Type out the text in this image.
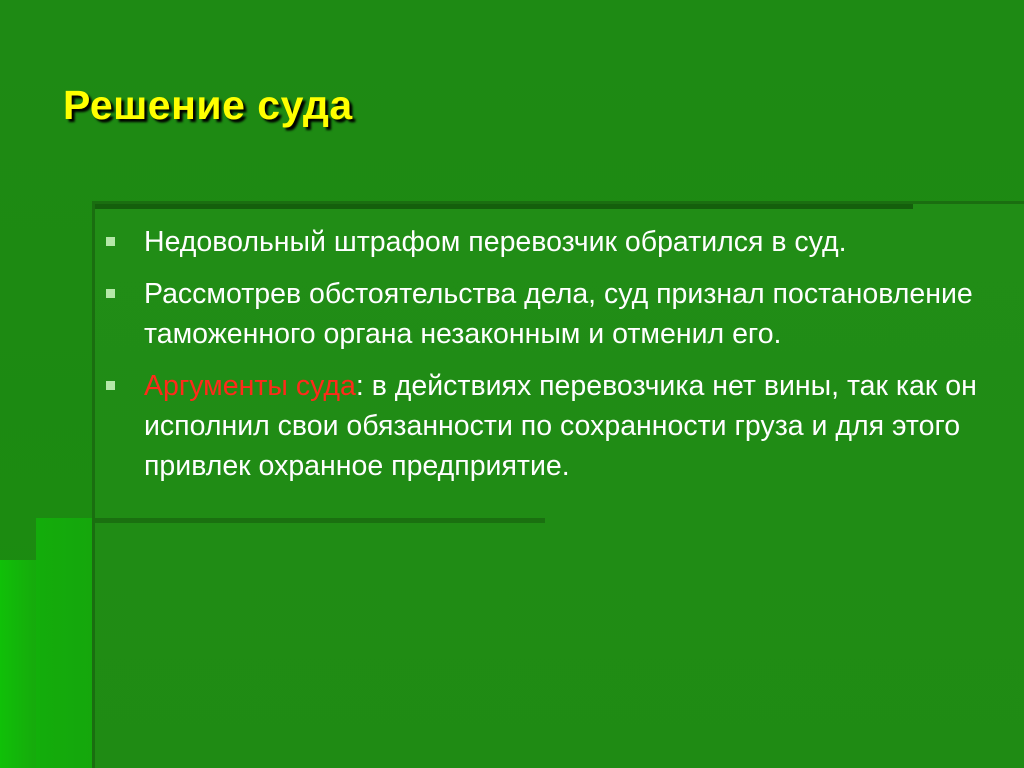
Решение суда
Недовольный штрафом перевозчик обратился в суд.
Рассмотрев обстоятельства дела, суд признал постановление таможенного органа незаконным и отменил его.
Аргументы суда: в действиях перевозчика нет вины, так как он исполнил свои обязанности по сохранности груза и для этого привлек охранное предприятие.
